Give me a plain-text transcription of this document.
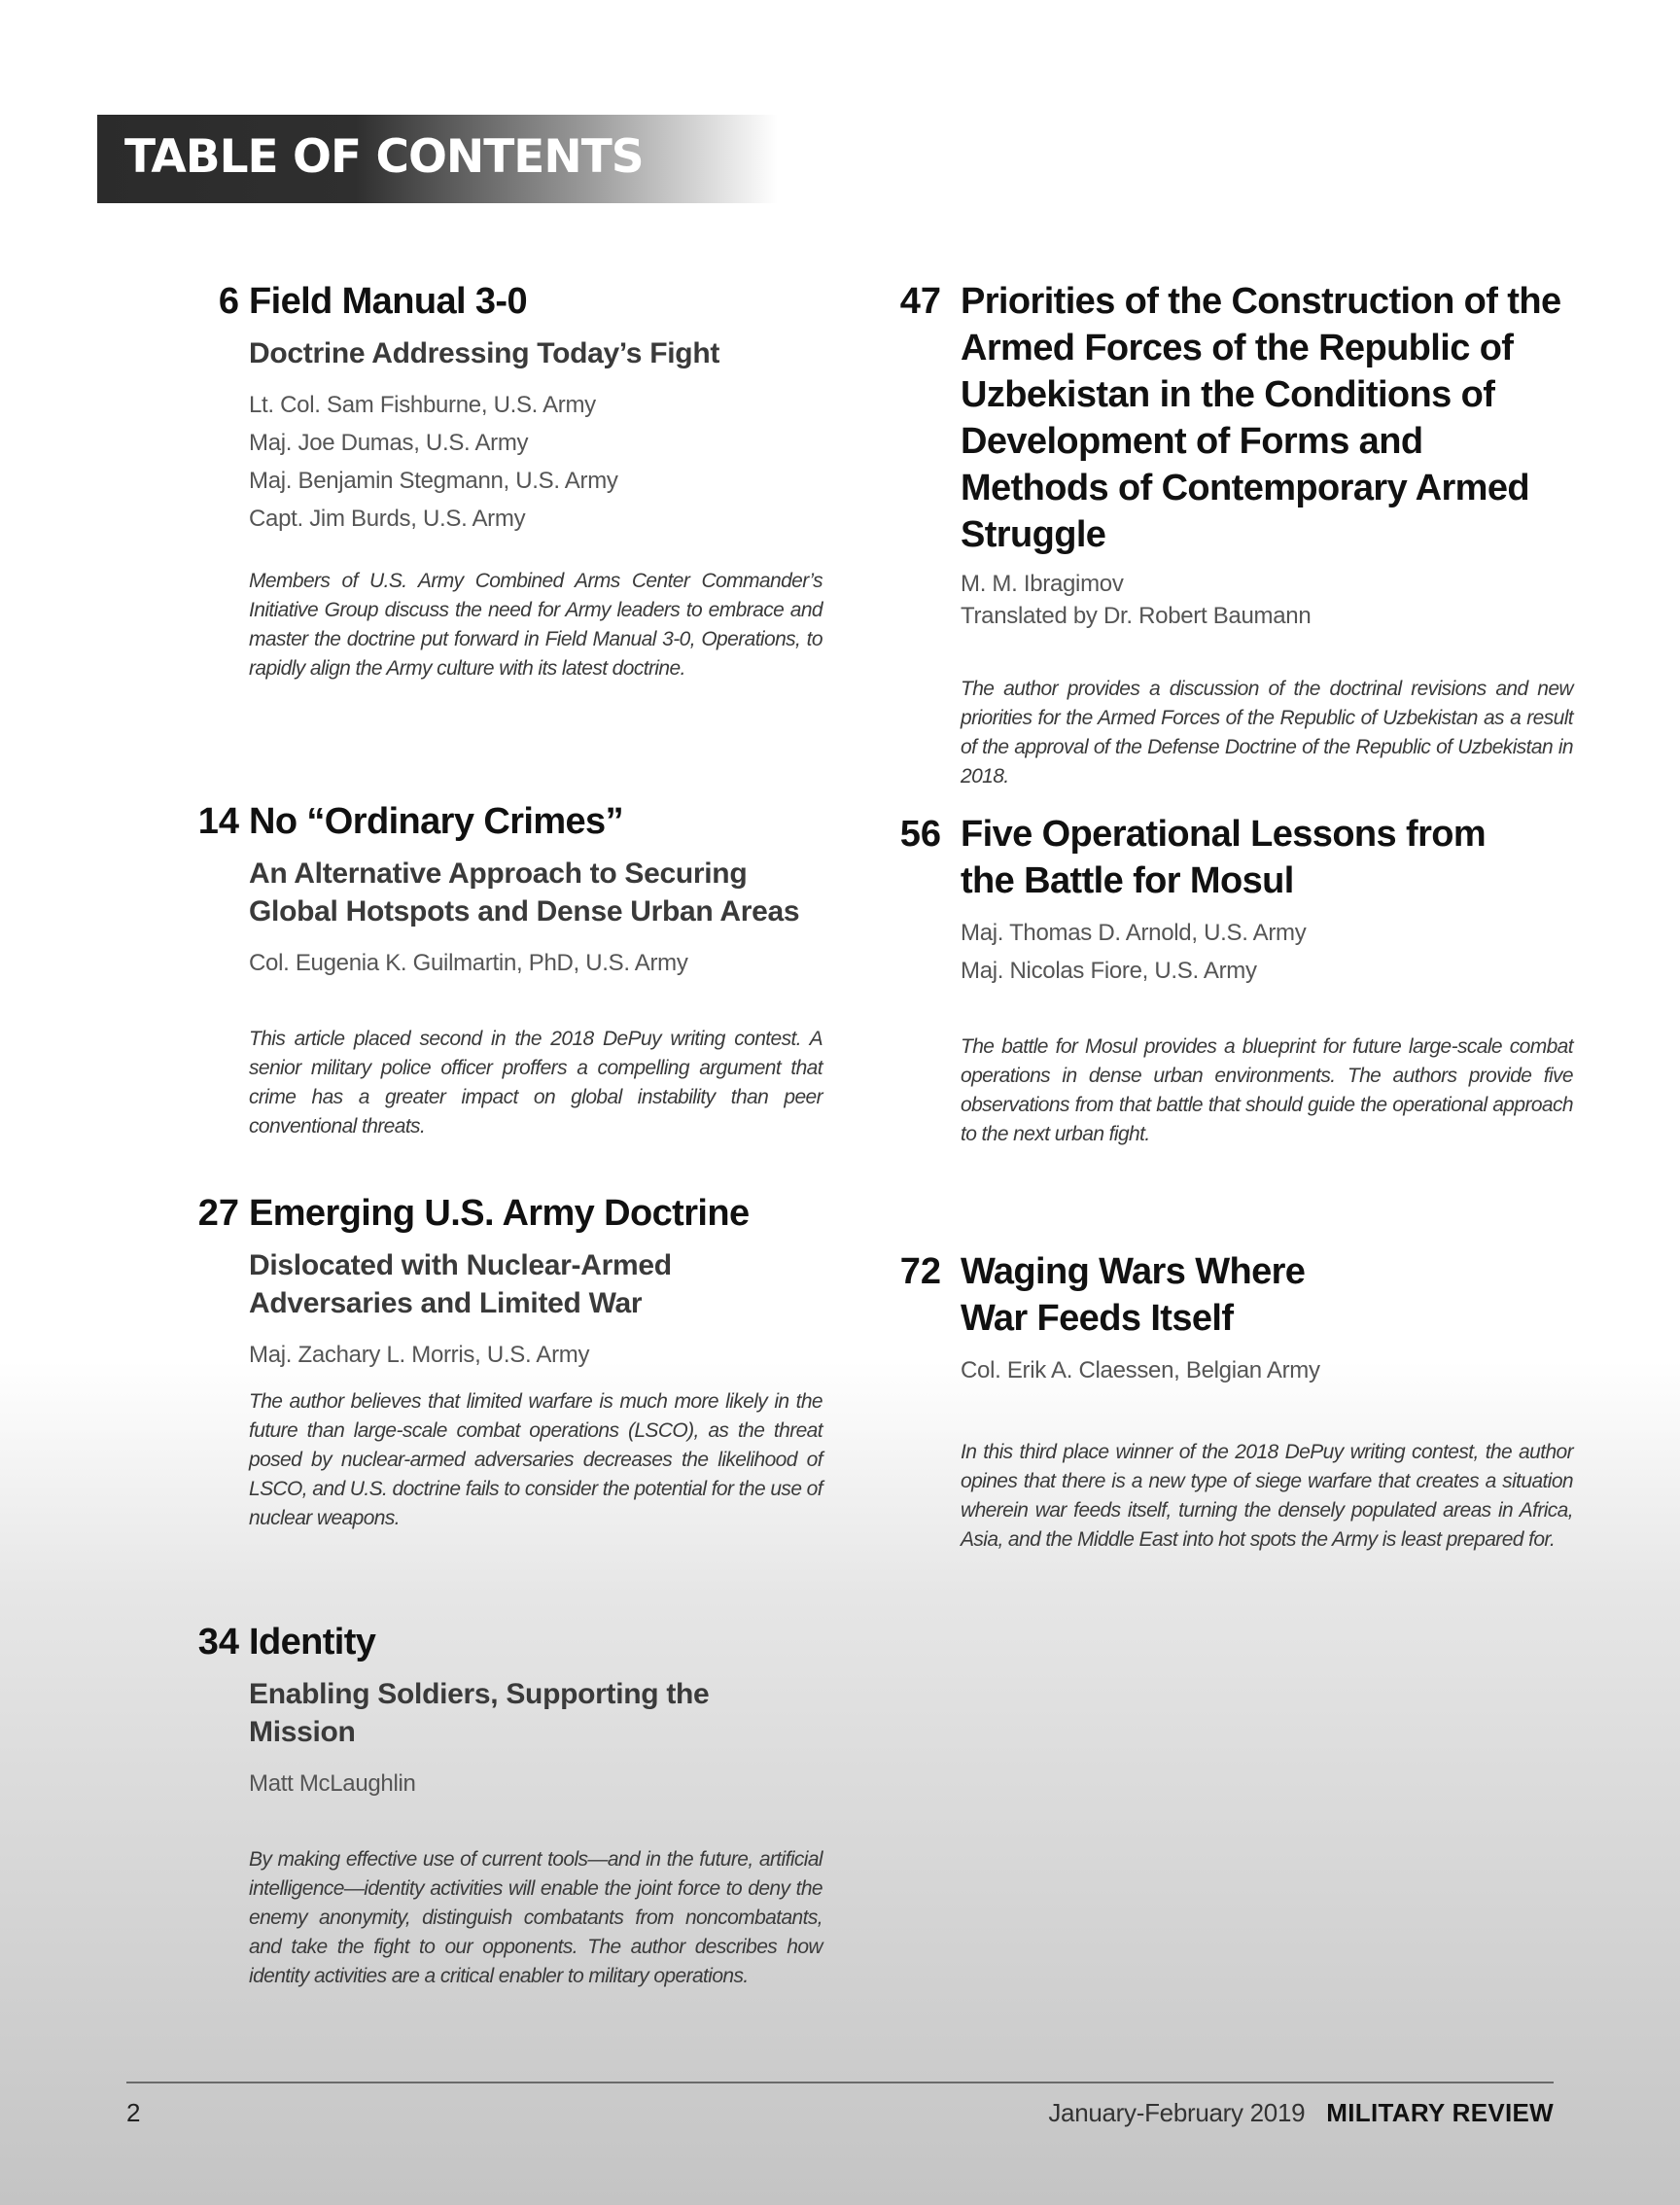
TABLE OF CONTENTS
6 Field Manual 3-0
Doctrine Addressing Today’s Fight
Lt. Col. Sam Fishburne, U.S. Army
Maj. Joe Dumas, U.S. Army
Maj. Benjamin Stegmann, U.S. Army
Capt. Jim Burds, U.S. Army

Members of U.S. Army Combined Arms Center Commander’s Initiative Group discuss the need for Army leaders to embrace and master the doctrine put forward in Field Manual 3-0, Operations, to rapidly align the Army culture with its latest doctrine.

14 No “Ordinary Crimes”
An Alternative Approach to Securing Global Hotspots and Dense Urban Areas
Col. Eugenia K. Guilmartin, PhD, U.S. Army

This article placed second in the 2018 DePuy writing contest. A senior military police officer proffers a compelling argument that crime has a greater impact on global instability than peer conventional threats.

27 Emerging U.S. Army Doctrine
Dislocated with Nuclear-Armed Adversaries and Limited War
Maj. Zachary L. Morris, U.S. Army

The author believes that limited warfare is much more likely in the future than large-scale combat operations (LSCO), as the threat posed by nuclear-armed adversaries decreases the likelihood of LSCO, and U.S. doctrine fails to consider the potential for the use of nuclear weapons.

34 Identity
Enabling Soldiers, Supporting the Mission
Matt McLaughlin

By making effective use of current tools—and in the future, artificial intelligence—identity activities will enable the joint force to deny the enemy anonymity, distinguish combatants from noncombatants, and take the fight to our opponents. The author describes how identity activities are a critical enabler to military operations.

47 Priorities of the Construction of the Armed Forces of the Republic of Uzbekistan in the Conditions of Development of Forms and Methods of Contemporary Armed Struggle
M. M. Ibragimov
Translated by Dr. Robert Baumann

The author provides a discussion of the doctrinal revisions and new priorities for the Armed Forces of the Republic of Uzbekistan as a result of the approval of the Defense Doctrine of the Republic of Uzbekistan in 2018.

56 Five Operational Lessons from the Battle for Mosul
Maj. Thomas D. Arnold, U.S. Army
Maj. Nicolas Fiore, U.S. Army

The battle for Mosul provides a blueprint for future large-scale combat operations in dense urban environments. The authors provide five observations from that battle that should guide the operational approach to the next urban fight.

72 Waging Wars Where War Feeds Itself
Col. Erik A. Claessen, Belgian Army

In this third place winner of the 2018 DePuy writing contest, the author opines that there is a new type of siege warfare that creates a situation wherein war feeds itself, turning the densely populated areas in Africa, Asia, and the Middle East into hot spots the Army is least prepared for.

2	January-February 2019 MILITARY REVIEW
